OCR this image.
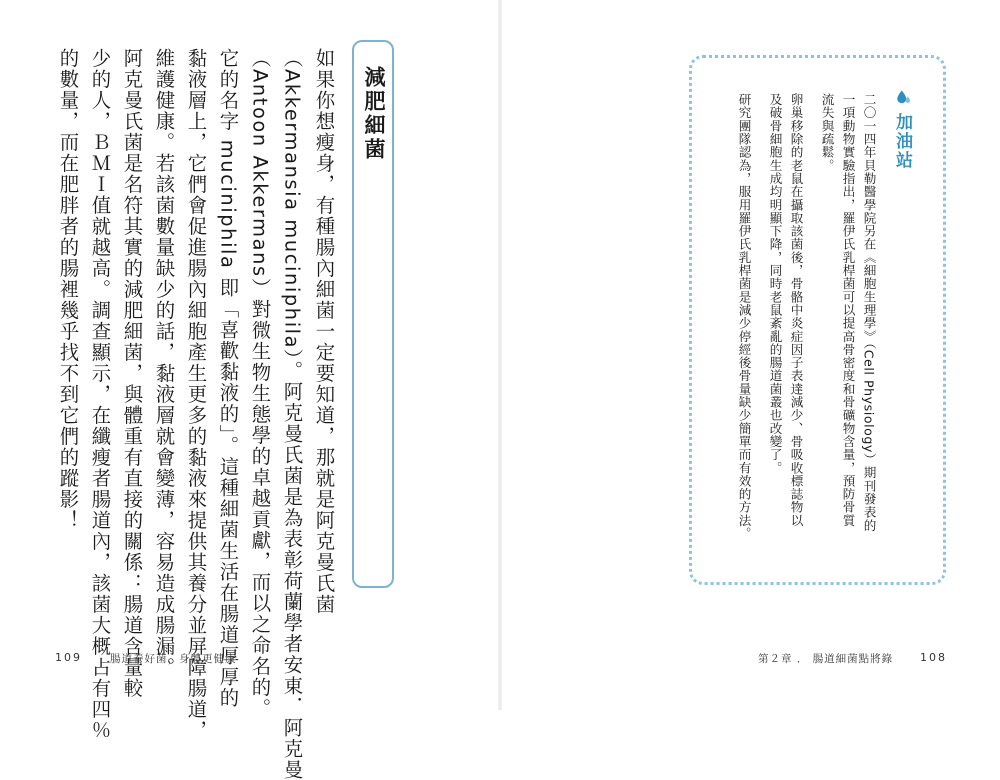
減肥細菌
如果你想瘦身，有種腸內細菌一定要知道，那就是阿克曼氏菌
（Akkermansia muciniphila）。阿克曼氏菌是為表彰荷蘭學者安東．阿克曼
（Antoon Akkermans）對微生物生態學的卓越貢獻，而以之命名的。
它的名字 muciniphila 即「喜歡黏液的」。這種細菌生活在腸道厚厚的
黏液層上，它們會促進腸內細胞產生更多的黏液來提供其養分並屏障腸道，
維護健康。若該菌數量缺少的話，黏液層就會變薄，容易造成腸漏。
阿克曼氏菌是名符其實的減肥細菌，與體重有直接的關係：腸道含量較
少的人，ＢＭＩ值就越高。調查顯示，在纖瘦者腸道內，該菌大概占有四％
的數量，而在肥胖者的腸裡幾乎找不到它們的蹤影！
109	腸道養好菌，身體更健康
加油站
二〇一四年貝勒醫學院另在《細胞生理學》（Cell Physiology）期刊發表的
一項動物實驗指出，羅伊氏乳桿菌可以提高骨密度和骨礦物含量，預防骨質
流失與疏鬆。
卵巢移除的老鼠在攝取該菌後，骨骼中炎症因子表達減少、骨吸收標誌物以
及破骨細胞生成均明顯下降，同時老鼠紊亂的腸道菌叢也改變了。
研究團隊認為，服用羅伊氏乳桿菌是減少停經後骨量缺少簡單而有效的方法。
第２章 ． 腸道細菌點將錄 108
